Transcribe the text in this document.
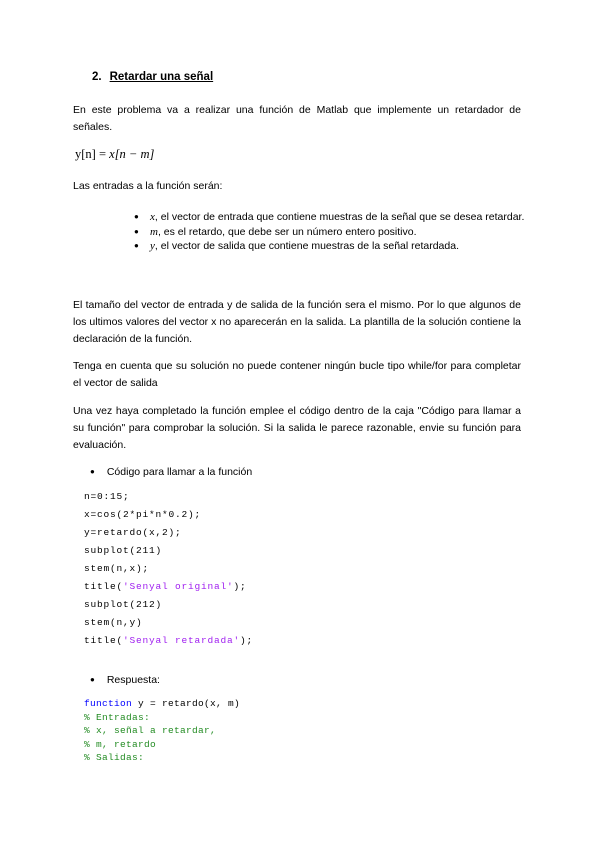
2. Retardar una señal
En este problema va a realizar una función de Matlab que implemente un retardador de señales.
y[n] = x[n − m]
Las entradas a la función serán:
● x, el vector de entrada que contiene muestras de la señal que se desea retardar.
● m, es el retardo, que debe ser un número entero positivo.
● y, el vector de salida que contiene muestras de la señal retardada.
El tamaño del vector de entrada y de salida de la función sera el mismo. Por lo que algunos de los ultimos valores del vector x no aparecerán en la salida. La plantilla de la solución contiene la declaración de la función.
Tenga en cuenta que su solución no puede contener ningún bucle tipo while/for para completar el vector de salida
Una vez haya completado la función emplee el código dentro de la caja "Código para llamar a su función" para comprobar la solución. Si la salida le parece razonable, envie su función para evaluación.
● Código para llamar a la función
n=0:15;
x=cos(2*pi*n*0.2);
y=retardo(x,2);
subplot(211)
stem(n,x);
title('Senyal original');
subplot(212)
stem(n,y)
title('Senyal retardada');
● Respuesta:
function y = retardo(x, m)
% Entradas:
% x, señal a retardar,
% m, retardo
% Salidas:
